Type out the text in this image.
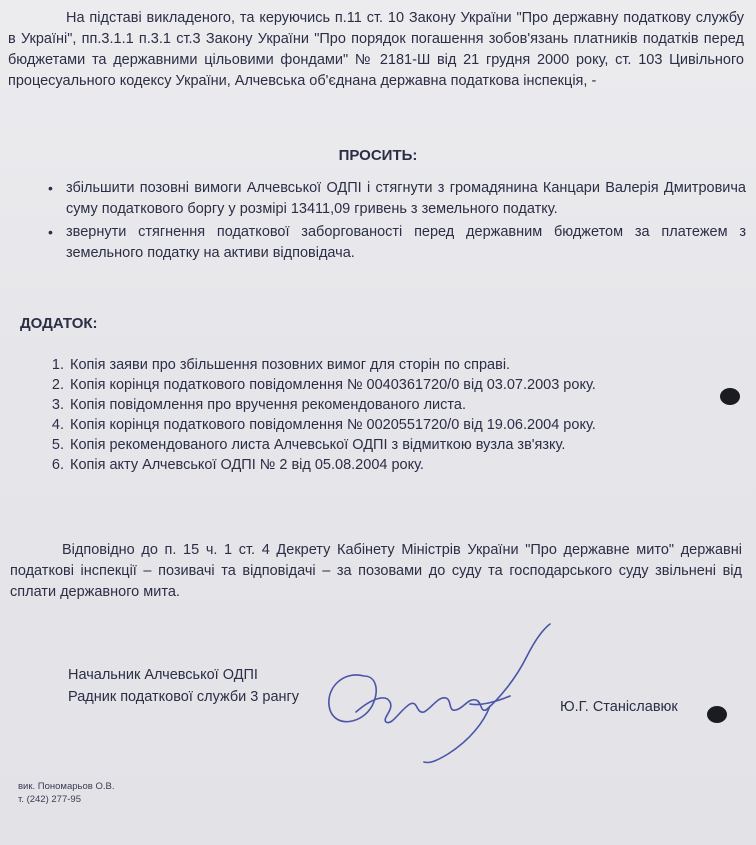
На підставі викладеного, та керуючись п.11 ст. 10 Закону України "Про державну податкову службу в Україні", пп.3.1.1 п.3.1 ст.3 Закону України "Про порядок погашення зобов'язань платників податків перед бюджетами та державними цільовими фондами" № 2181-Ш від 21 грудня 2000 року, ст. 103 Цивільного процесуального кодексу України, Алчевська об'єднана державна податкова інспекція, -

ПРОСИТЬ:

• збільшити позовні вимоги Алчевської ОДПІ і стягнути з громадянина Канцари Валерія Дмитровича суму податкового боргу у розмірі 13411,09 гривень з земельного податку.
• звернути стягнення податкової заборгованості перед державним бюджетом за платежем з земельного податку на активи відповідача.

ДОДАТОК:

1. Копія заяви про збільшення позовних вимог для сторін по справі.
2. Копія корінця податкового повідомлення № 0040361720/0 від 03.07.2003 року.
3. Копія повідомлення про вручення рекомендованого листа.
4. Копія корінця податкового повідомлення № 0020551720/0 від 19.06.2004 року.
5. Копія рекомендованого листа Алчевської ОДПІ з відмиткою вузла зв'язку.
6. Копія акту Алчевської ОДПІ № 2 від 05.08.2004 року.

Відповідно до п. 15 ч. 1 ст. 4 Декрету Кабінету Міністрів України "Про державне мито" державні податкові інспекції – позивачі та відповідачі – за позовами до суду та господарського суду звільнені від сплати державного мита.

Начальник Алчевської ОДПІ

Радник податкової служби 3 рангу

Ю.Г. Станіславюк

вик. Пономарьов О.В.
т. (242) 277-95
